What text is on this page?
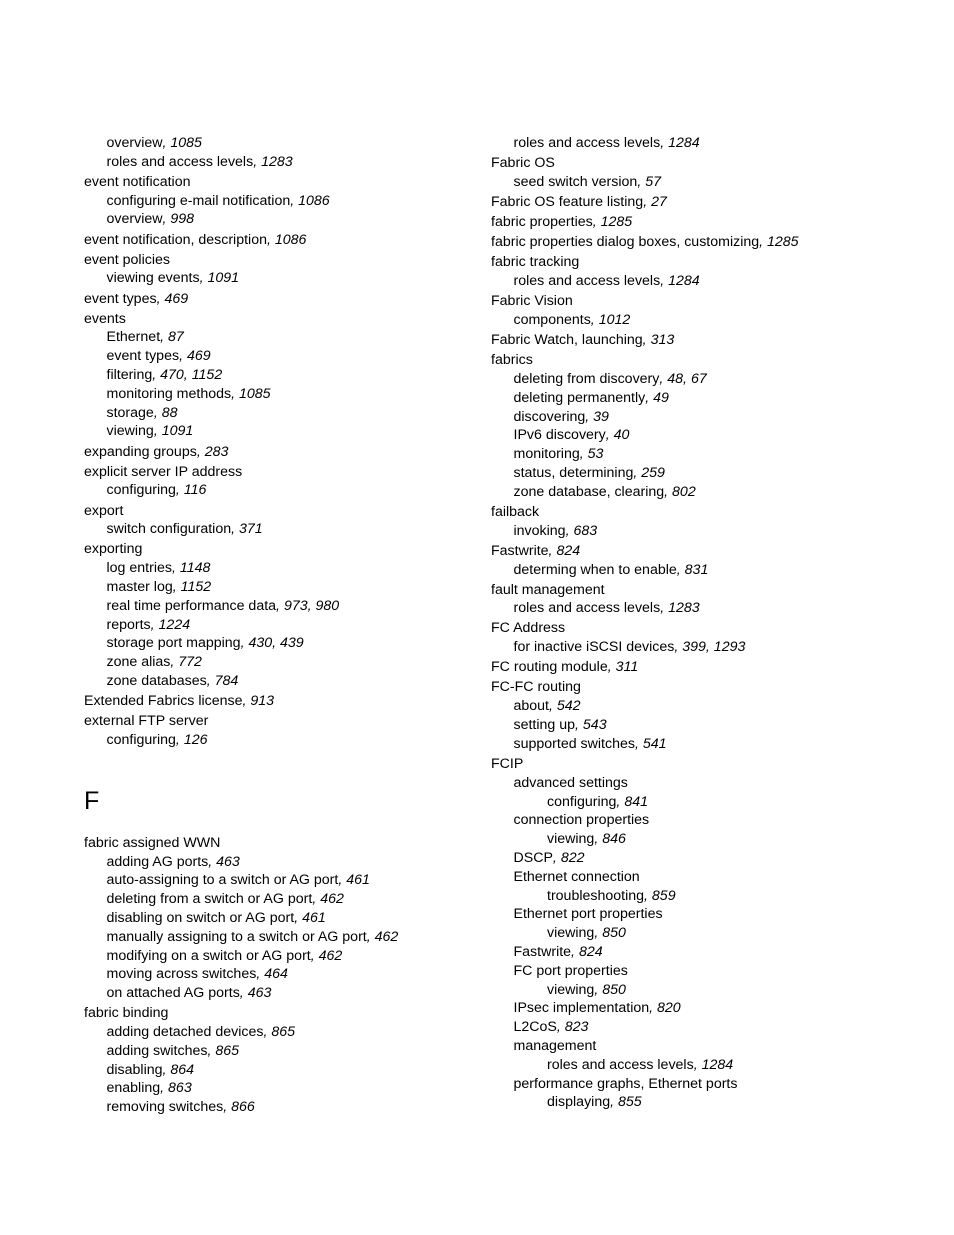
overview, 1085
roles and access levels, 1283
event notification
configuring e-mail notification, 1086
overview, 998
event notification, description, 1086
event policies
viewing events, 1091
event types, 469
events
Ethernet, 87
event types, 469
filtering, 470, 1152
monitoring methods, 1085
storage, 88
viewing, 1091
expanding groups, 283
explicit server IP address
configuring, 116
export
switch configuration, 371
exporting
log entries, 1148
master log, 1152
real time performance data, 973, 980
reports, 1224
storage port mapping, 430, 439
zone alias, 772
zone databases, 784
Extended Fabrics license, 913
external FTP server
configuring, 126
F
fabric assigned WWN
adding AG ports, 463
auto-assigning to a switch or AG port, 461
deleting from a switch or AG port, 462
disabling on switch or AG port, 461
manually assigning to a switch or AG port, 462
modifying on a switch or AG port, 462
moving across switches, 464
on attached AG ports, 463
fabric binding
adding detached devices, 865
adding switches, 865
disabling, 864
enabling, 863
removing switches, 866
roles and access levels, 1284
Fabric OS
seed switch version, 57
Fabric OS feature listing, 27
fabric properties, 1285
fabric properties dialog boxes, customizing, 1285
fabric tracking
roles and access levels, 1284
Fabric Vision
components, 1012
Fabric Watch, launching, 313
fabrics
deleting from discovery, 48, 67
deleting permanently, 49
discovering, 39
IPv6 discovery, 40
monitoring, 53
status, determining, 259
zone database, clearing, 802
failback
invoking, 683
Fastwrite, 824
determing when to enable, 831
fault management
roles and access levels, 1283
FC Address
for inactive iSCSI devices, 399, 1293
FC routing module, 311
FC-FC routing
about, 542
setting up, 543
supported switches, 541
FCIP
advanced settings
configuring, 841
connection properties
viewing, 846
DSCP, 822
Ethernet connection
troubleshooting, 859
Ethernet port properties
viewing, 850
Fastwrite, 824
FC port properties
viewing, 850
IPsec implementation, 820
L2CoS, 823
management
roles and access levels, 1284
performance graphs, Ethernet ports
displaying, 855
